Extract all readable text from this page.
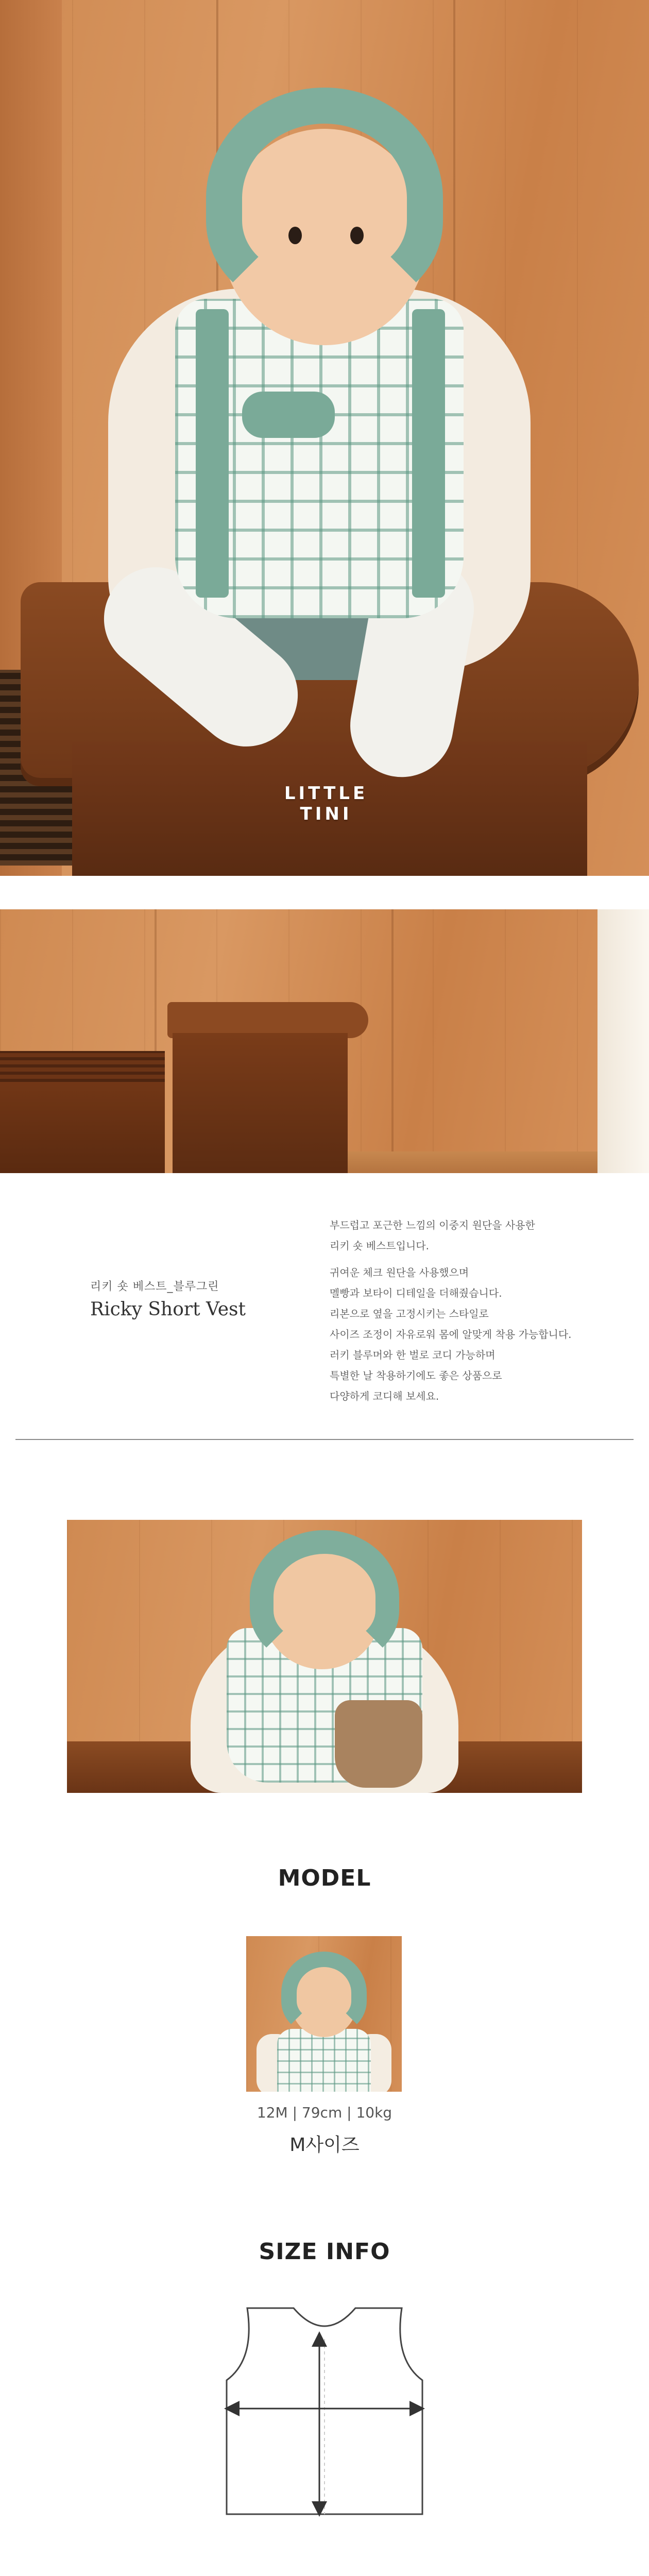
LITTLE
TINI
리키 숏 베스트_블루그린
Ricky Short Vest

부드럽고 포근한 느낌의 이중지 원단을 사용한

리키 숏 베스트입니다.

귀여운 체크 원단을 사용했으며

멜빵과 보타이 디테일을 더해줬습니다.

리본으로 옆을 고정시키는 스타일로

사이즈 조정이 자유로워 몸에 알맞게 착용 가능합니다.

러키 블루머와 한 벌로 코디 가능하며

특별한 날 착용하기에도 좋은 상품으로

다양하게 코디해 보세요.

MODEL
12M | 79cm | 10kg
M사이즈
SIZE INFO
